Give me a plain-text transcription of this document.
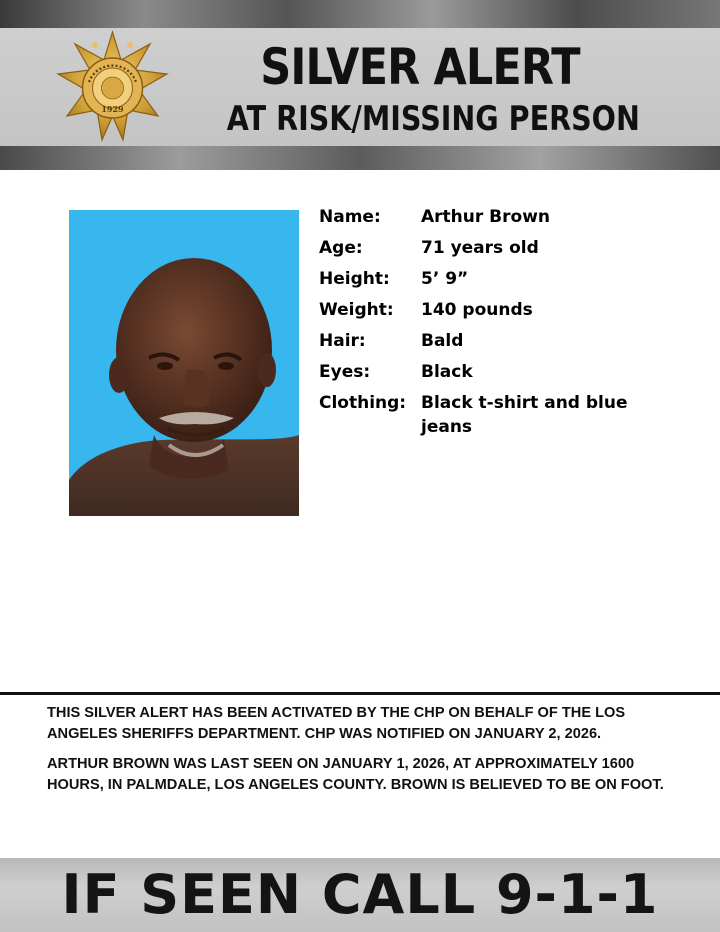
1929
SILVER ALERT
AT RISK/MISSING PERSON
Name: Arthur Brown
Age:	71 years old
Height: 5’ 9”
Weight: 140 pounds
Hair:	Bald
Eyes:	Black
Clothing: Black t-shirt and blue jeans

THIS SILVER ALERT HAS BEEN ACTIVATED BY THE CHP ON BEHALF OF THE LOS ANGELES SHERIFFS DEPARTMENT. CHP WAS NOTIFIED ON JANUARY 2, 2026.

ARTHUR BROWN WAS LAST SEEN ON JANUARY 1, 2026, AT APPROXIMATELY 1600 HOURS, IN PALMDALE, LOS ANGELES COUNTY. BROWN IS BELIEVED TO BE ON FOOT.

IF SEEN CALL 9-1-1
